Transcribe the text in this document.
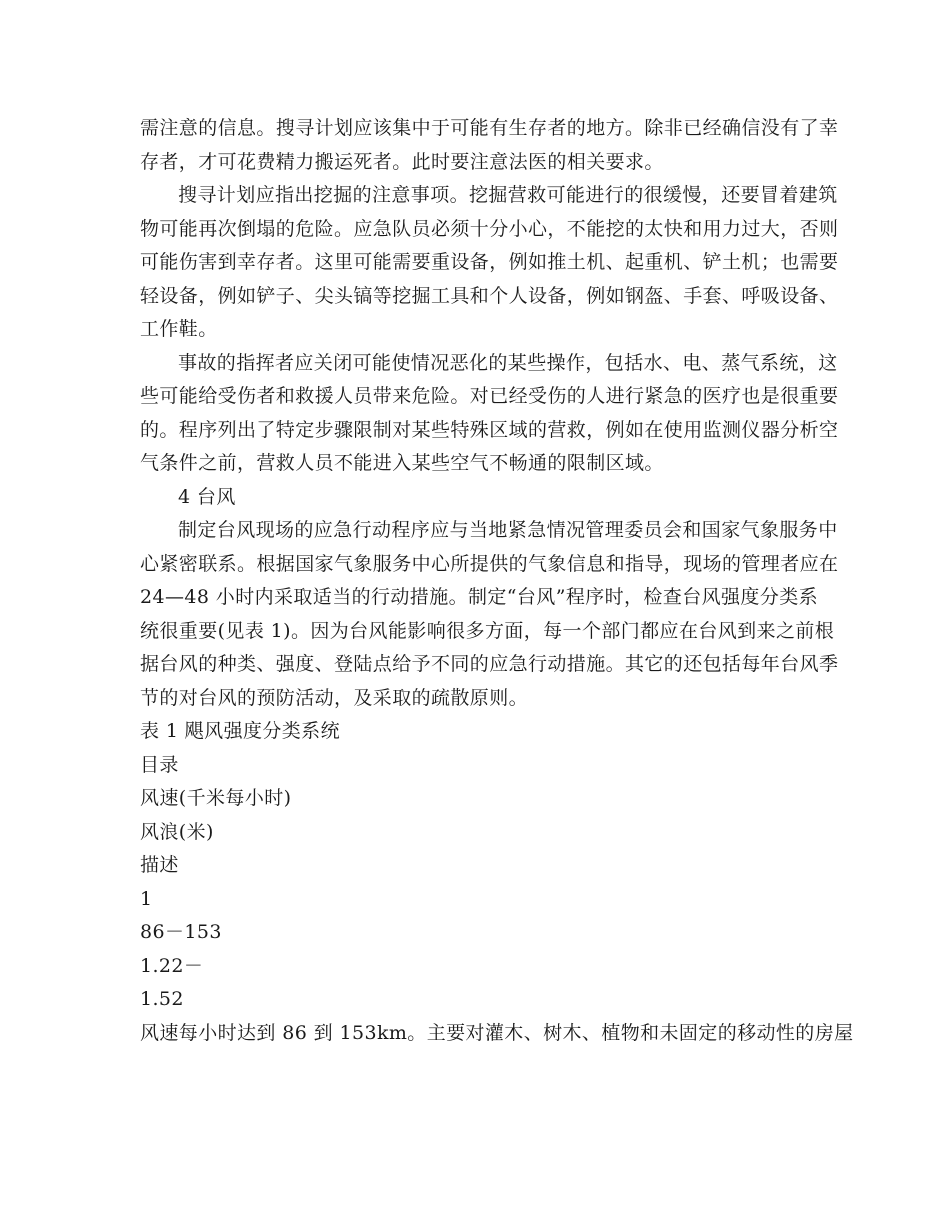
需注意的信息。搜寻计划应该集中于可能有生存者的地方。除非已经确信没有了幸
存者，才可花费精力搬运死者。此时要注意法医的相关要求。

搜寻计划应指出挖掘的注意事项。挖掘营救可能进行的很缓慢，还要冒着建筑
物可能再次倒塌的危险。应急队员必须十分小心，不能挖的太快和用力过大，否则
可能伤害到幸存者。这里可能需要重设备，例如推土机、起重机、铲土机；也需要
轻设备，例如铲子、尖头镐等挖掘工具和个人设备，例如钢盔、手套、呼吸设备、
工作鞋。

事故的指挥者应关闭可能使情况恶化的某些操作，包括水、电、蒸气系统，这
些可能给受伤者和救援人员带来危险。对已经受伤的人进行紧急的医疗也是很重要
的。程序列出了特定步骤限制对某些特殊区域的营救，例如在使用监测仪器分析空
气条件之前，营救人员不能进入某些空气不畅通的限制区域。

4 台风

制定台风现场的应急行动程序应与当地紧急情况管理委员会和国家气象服务中
心紧密联系。根据国家气象服务中心所提供的气象信息和指导，现场的管理者应在
24—48 小时内采取适当的行动措施。制定“台风”程序时，检查台风强度分类系
统很重要(见表 1)。因为台风能影响很多方面，每一个部门都应在台风到来之前根
据台风的种类、强度、登陆点给予不同的应急行动措施。其它的还包括每年台风季
节的对台风的预防活动，及采取的疏散原则。

表 1 飓风强度分类系统

目录

风速(千米每小时)

风浪(米)

描述

1

86－153

1.22－

1.52

风速每小时达到 86 到 153km。主要对灌木、树木、植物和未固定的移动性的房屋
